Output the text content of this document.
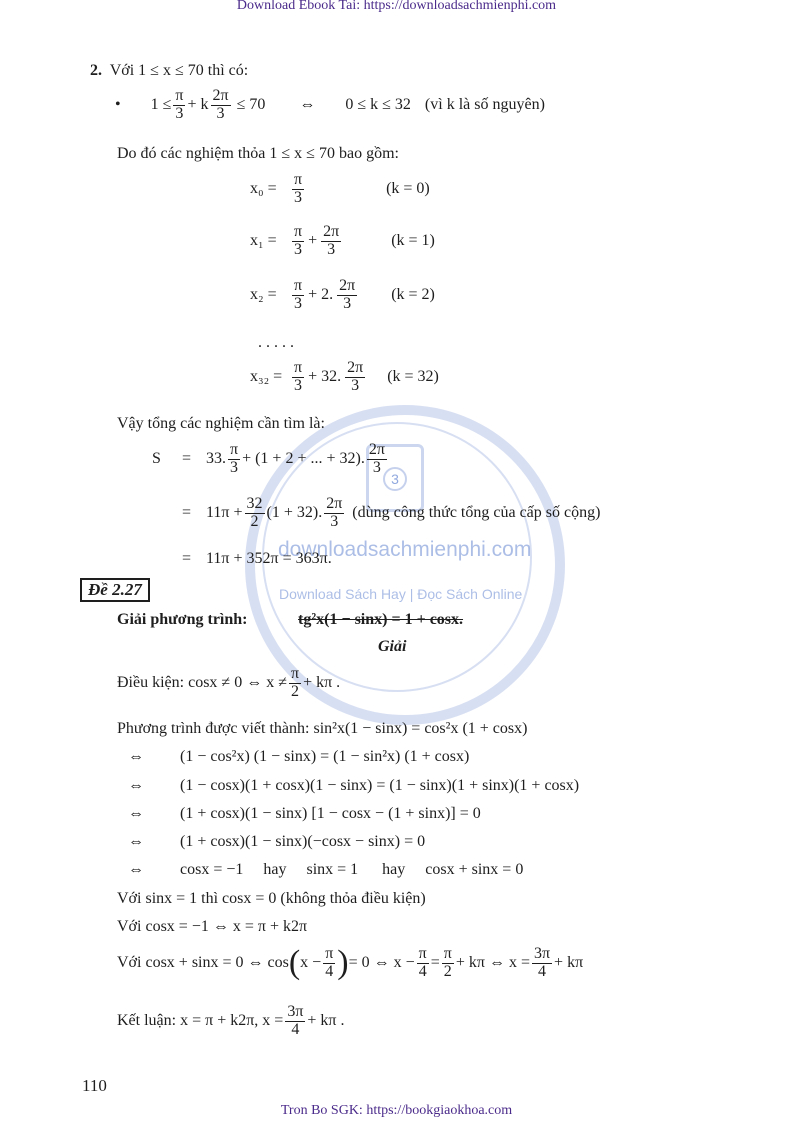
Download Ebook Tai: https://downloadsachmienphi.com
Tron Bo SGK: https://bookgiaokhoa.com
110
3
downloadsachmienphi.com
Download Sách Hay | Đọc Sách Online
2. Với 1 ≤ x ≤ 70 thì có:
• $1 \le \frac{\pi}{3} + k \frac{2\pi}{3} \le 70$ ⇔ 0 ≤ k ≤ 32 (vì k là số nguyên)
Do đó các nghiệm thỏa 1 ≤ x ≤ 70 bao gồm:
$x_0 = \frac{\pi}{3}$	(k = 0)
$x_1 = \frac{\pi}{3} + \frac{2\pi}{3}$	(k = 1)
$x_2 = \frac{\pi}{3} + 2$. $\frac{2\pi}{3} (k = 2)$
. . . . .
$x_{32} = \frac{\pi}{3} + 32$. $\frac{2\pi}{3} (k = 32)$
Vậy tổng các nghiệm cần tìm là:
S	= 33. $\frac{\pi}{3} + (1 + 2$ + ... + 32). $\frac{2\pi}{3}$
= $11\pi + \frac{32}{2} (1 + 32)$. $\frac{2\pi}{3}$ (dùng công thức tổng của cấp số cộng)
= 11π + 352π = 363π.
Đề 2.27
Giải phương trình:	tg²x(1 − sinx) = 1 + cosx.
Giải
Điều kiện:
cosx ≠ 0 ⇔ $x \ne \frac{\pi}{2} + k\pi$ .
Phương trình được viết thành: sin²x(1 − sinx) = cos²x (1 + cosx)
⇔	(1 − cos²x) (1 − sinx) = (1 − sin²x) (1 + cosx)
⇔	(1 − cosx)(1 + cosx)(1 − sinx) = (1 − sinx)(1 + sinx)(1 + cosx)
⇔	(1 + cosx)(1 − sinx) [1 − cosx − (1 + sinx)] = 0
⇔	(1 + cosx)(1 − sinx)(−cosx − sinx) = 0
⇔	cosx = −1     hay     sinx = 1      hay     cosx + sinx = 0
Với sinx = 1 thì cosx = 0 (không thỏa điều kiện)
Với cosx = −1 ⇔ x = π + k2π
Với cosx + sinx = 0 ⇔ cos ( $x - \frac{\pi}{4}$ ) = 0 ⇔ $x - \frac{\pi}{4} = \frac{\pi}{2} + k\pi$ ⇔ $x = \frac{3\pi}{4} + k\pi$
Kết luận: x = π + k2π, $x = \frac{3\pi}{4} + k\pi$ .
